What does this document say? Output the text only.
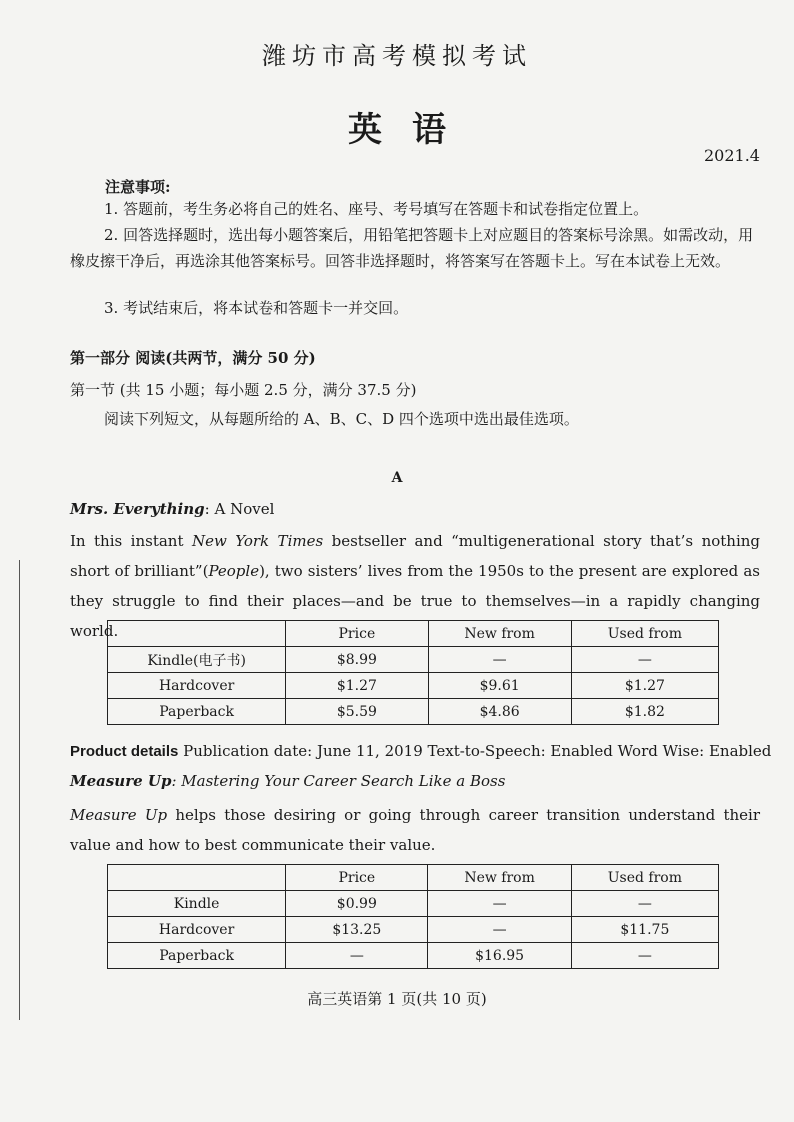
潍坊市高考模拟考试
英语
2021.4
注意事项:
1. 答题前，考生务必将自己的姓名、座号、考号填写在答题卡和试卷指定位置上。
2. 回答选择题时，选出每小题答案后，用铅笔把答题卡上对应题目的答案标号涂黑。如需改动，用橡皮擦干净后，再选涂其他答案标号。回答非选择题时，将答案写在答题卡上。写在本试卷上无效。
3. 考试结束后，将本试卷和答题卡一并交回。
第一部分 阅读(共两节，满分 50 分)
第一节 (共 15 小题；每小题 2.5 分，满分 37.5 分)
阅读下列短文，从每题所给的 A、B、C、D 四个选项中选出最佳选项。
A
Mrs. Everything: A Novel
In this instant New York Times bestseller and “multigenerational story that’s nothing short of brilliant”(People), two sisters’ lives from the 1950s to the present are explored as they struggle to find their places—and be true to themselves—in a rapidly changing world.
		Price	New from	Used from
Kindle(电子书)	$8.99	—	—
Hardcover	$1.27	$9.61	$1.27
Paperback	$5.59	$4.86	$1.82
Product details Publication date: June 11, 2019 Text-to-Speech: Enabled Word Wise: Enabled
Measure Up: Mastering Your Career Search Like a Boss
Measure Up helps those desiring or going through career transition understand their value and how to best communicate their value.
	Price	New from	Used from
Kindle	$0.99	—	—
Hardcover	$13.25	—	$11.75
Paperback	—	$16.95	—
高三英语第 1 页(共 10 页)
